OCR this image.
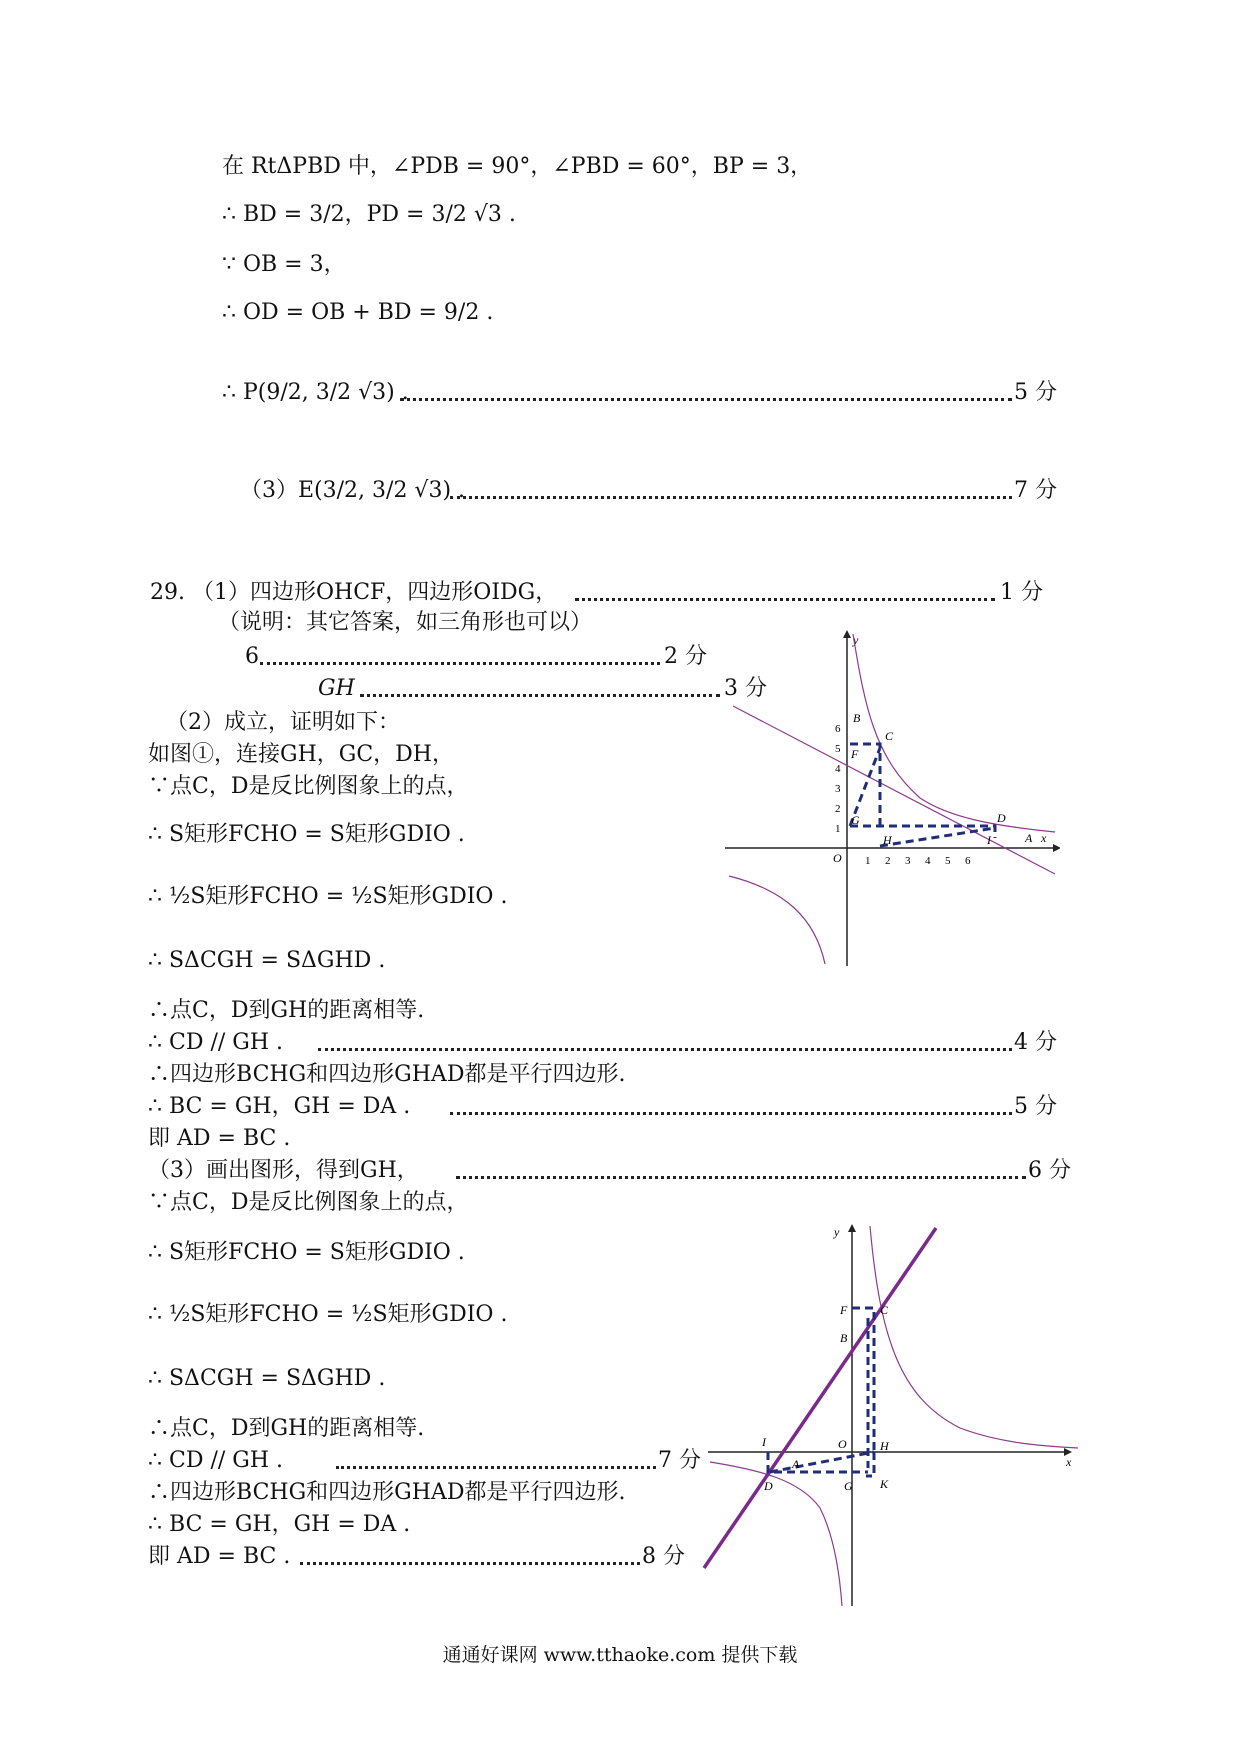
在 RtΔPBD 中，∠PDB = 90°，∠PBD = 60°，BP = 3，
∴ BD = 3/2，PD = 3/2 √3 .
∵ OB = 3，
∴ OD = OB + BD = 9/2 .
∴ P(9/2, 3/2 √3) .	5 分
（3）E(3/2, 3/2 √3) .	7 分
29. （1）四边形OHCF，四边形OIDG，	1 分
（说明：其它答案，如三角形也可以）
6	2 分
GH	3 分
（2）成立，证明如下：
如图①，连接GH，GC，DH，
∵点C，D是反比例图象上的点，
∴ S矩形FCHO = S矩形GDIO .
∴ ½S矩形FCHO = ½S矩形GDIO .
∴ SΔCGH = SΔGHD .
∴点C，D到GH的距离相等.
∴ CD // GH .	4 分
∴四边形BCHG和四边形GHAD都是平行四边形.
∴ BC = GH，GH = DA .	5 分
即 AD = BC .
（3）画出图形，得到GH，	6 分
∵点C，D是反比例图象上的点，
∴ S矩形FCHO = S矩形GDIO .
∴ ½S矩形FCHO = ½S矩形GDIO .
∴ SΔCGH = SΔGHD .
∴点C，D到GH的距离相等.
∴ CD // GH .	7 分
∴四边形BCHG和四边形GHAD都是平行四边形.
∴ BC = GH，GH = DA .
即 AD = BC .	8 分
x
y
O 1 2 3 4 5 6
1
2
3
4
5
6
B
C
F
G
H
D
I	A
x
y
O
F	C
B
H
I
A
D	G K
通通好课网 www.tthaoke.com 提供下载
